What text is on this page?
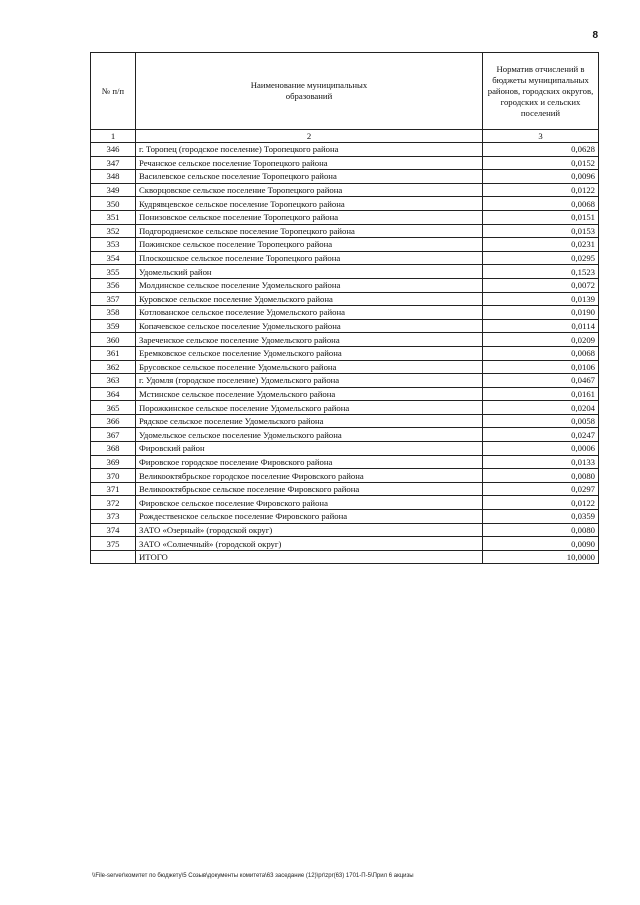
8
№ п/п	Наименование муниципальных образований	Норматив отчислений в бюджеты муниципальных районов, городских округов, городских и сельских поселений
1	2	3
346	г. Торопец (городское поселение) Торопецкого района	0,0628
347	Речанское сельское поселение Торопецкого района	0,0152
348	Василевское сельское поселение Торопецкого района	0,0096
349	Скворцовское сельское поселение Торопецкого района	0,0122
350	Кудрявцевское сельское поселение Торопецкого района	0,0068
351	Понизовское сельское поселение Торопецкого района	0,0151
352	Подгородненское сельское поселение Торопецкого района	0,0153
353	Пожинское сельское поселение Торопецкого района	0,0231
354	Плоскошское сельское поселение Торопецкого района	0,0295
355	Удомельский район	0,1523
356	Молдинское сельское поселение Удомельского района	0,0072
357	Куровское сельское поселение Удомельского района	0,0139
358	Котлованское сельское поселение Удомельского района	0,0190
359	Копачевское сельское поселение Удомельского района	0,0114
360	Зареченское сельское поселение Удомельского района	0,0209
361	Еремковское сельское поселение Удомельского района	0,0068
362	Брусовское сельское поселение Удомельского района	0,0106
363	г. Удомля (городское поселение) Удомельского района	0,0467
364	Мстинское сельское поселение Удомельского района	0,0161
365	Порожкинское сельское поселение Удомельского района	0,0204
366	Рядское сельское поселение Удомельского района	0,0058
367	Удомельское сельское поселение Удомельского района	0,0247
368	Фировский район	0,0006
369	Фировское городское поселение Фировского района	0,0133
370	Великооктябрьское городское поселение Фировского района	0,0080
371	Великооктябрьское сельское поселение Фировского района	0,0297
372	Фировское сельское поселение Фировского района	0,0122
373	Рождественское сельское поселение Фировского района	0,0359
374	ЗАТО «Озерный» (городской округ)	0,0080
375	ЗАТО «Солнечный» (городской округ)	0,0090
	ИТОГО	10,0000
\\File-server\комитет по бюджету\5 Созыв\документы комитета\63 заседание (12)\pr\zpr(63) 1701-П-5\Прил 6 акцизы
